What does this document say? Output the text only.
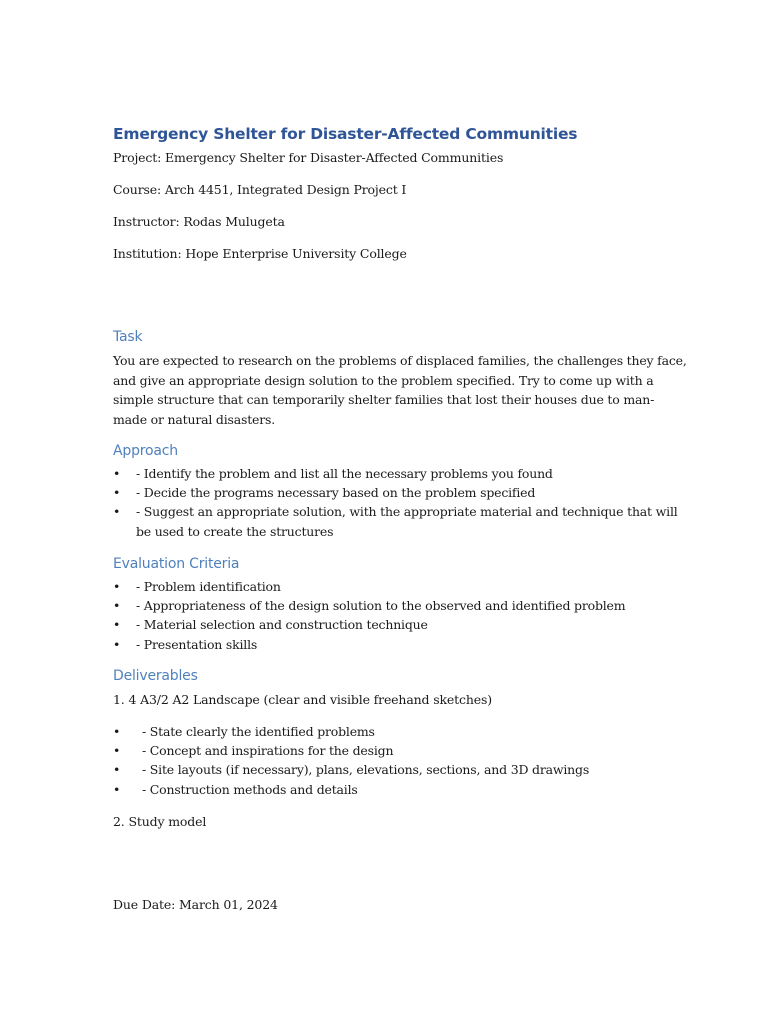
Emergency Shelter for Disaster-Affected Communities
Project: Emergency Shelter for Disaster-Affected Communities
Course: Arch 4451, Integrated Design Project I
Instructor: Rodas Mulugeta
Institution: Hope Enterprise University College
Task
You are expected to research on the problems of displaced families, the challenges they face,
and give an appropriate design solution to the problem specified. Try to come up with a
simple structure that can temporarily shelter families that lost their houses due to man-
made or natural disasters.
Approach
• - Identify the problem and list all the necessary problems you found
• - Decide the programs necessary based on the problem specified
• - Suggest an appropriate solution, with the appropriate material and technique that will
be used to create the structures
Evaluation Criteria
• - Problem identification
• - Appropriateness of the design solution to the observed and identified problem
• - Material selection and construction technique
• - Presentation skills
Deliverables
1. 4 A3/2 A2 Landscape (clear and visible freehand sketches)
• - State clearly the identified problems
• - Concept and inspirations for the design
• - Site layouts (if necessary), plans, elevations, sections, and 3D drawings
• - Construction methods and details
2. Study model
Due Date: March 01, 2024
